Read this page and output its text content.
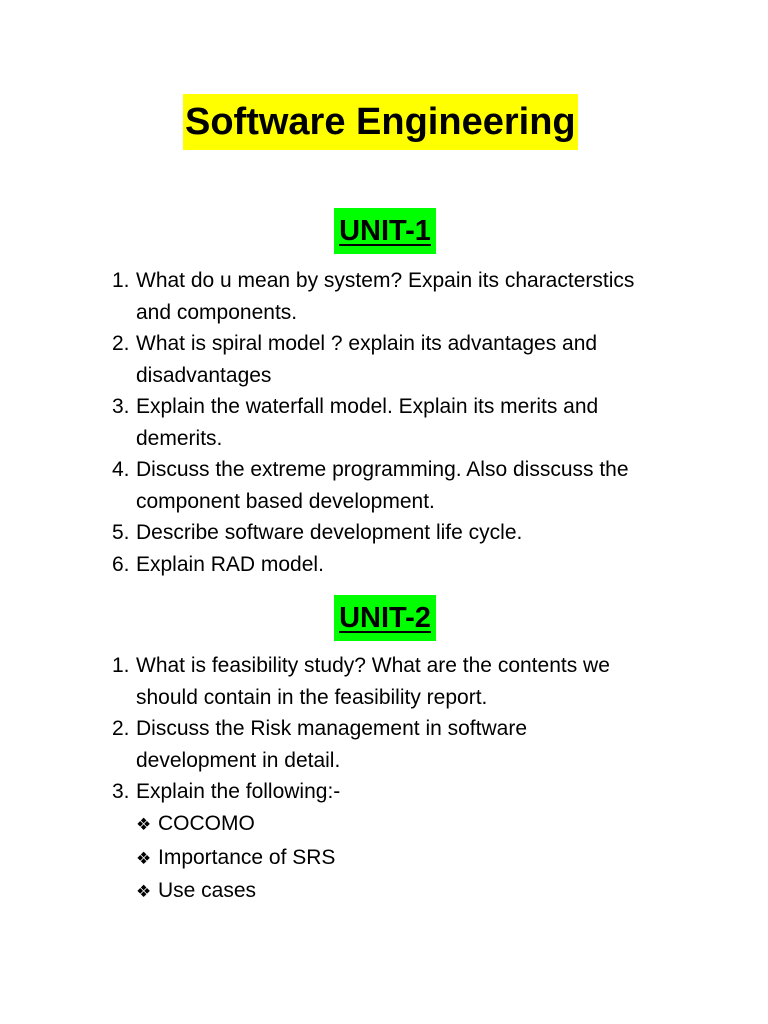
Software Engineering
UNIT-1
1. What do u mean by system? Expain its characterstics
and components.
2. What is spiral model ? explain its advantages and
disadvantages
3. Explain the waterfall model. Explain its merits and
demerits.
4. Discuss the extreme programming. Also disscuss the
component based development.
5. Describe software development life cycle.
6. Explain RAD model.
UNIT-2
1. What is feasibility study? What are the contents we
should contain in the feasibility report.
2. Discuss the Risk management in software
development in detail.
3. Explain the following:-
❖ COCOMO
❖ Importance of SRS
❖ Use cases
